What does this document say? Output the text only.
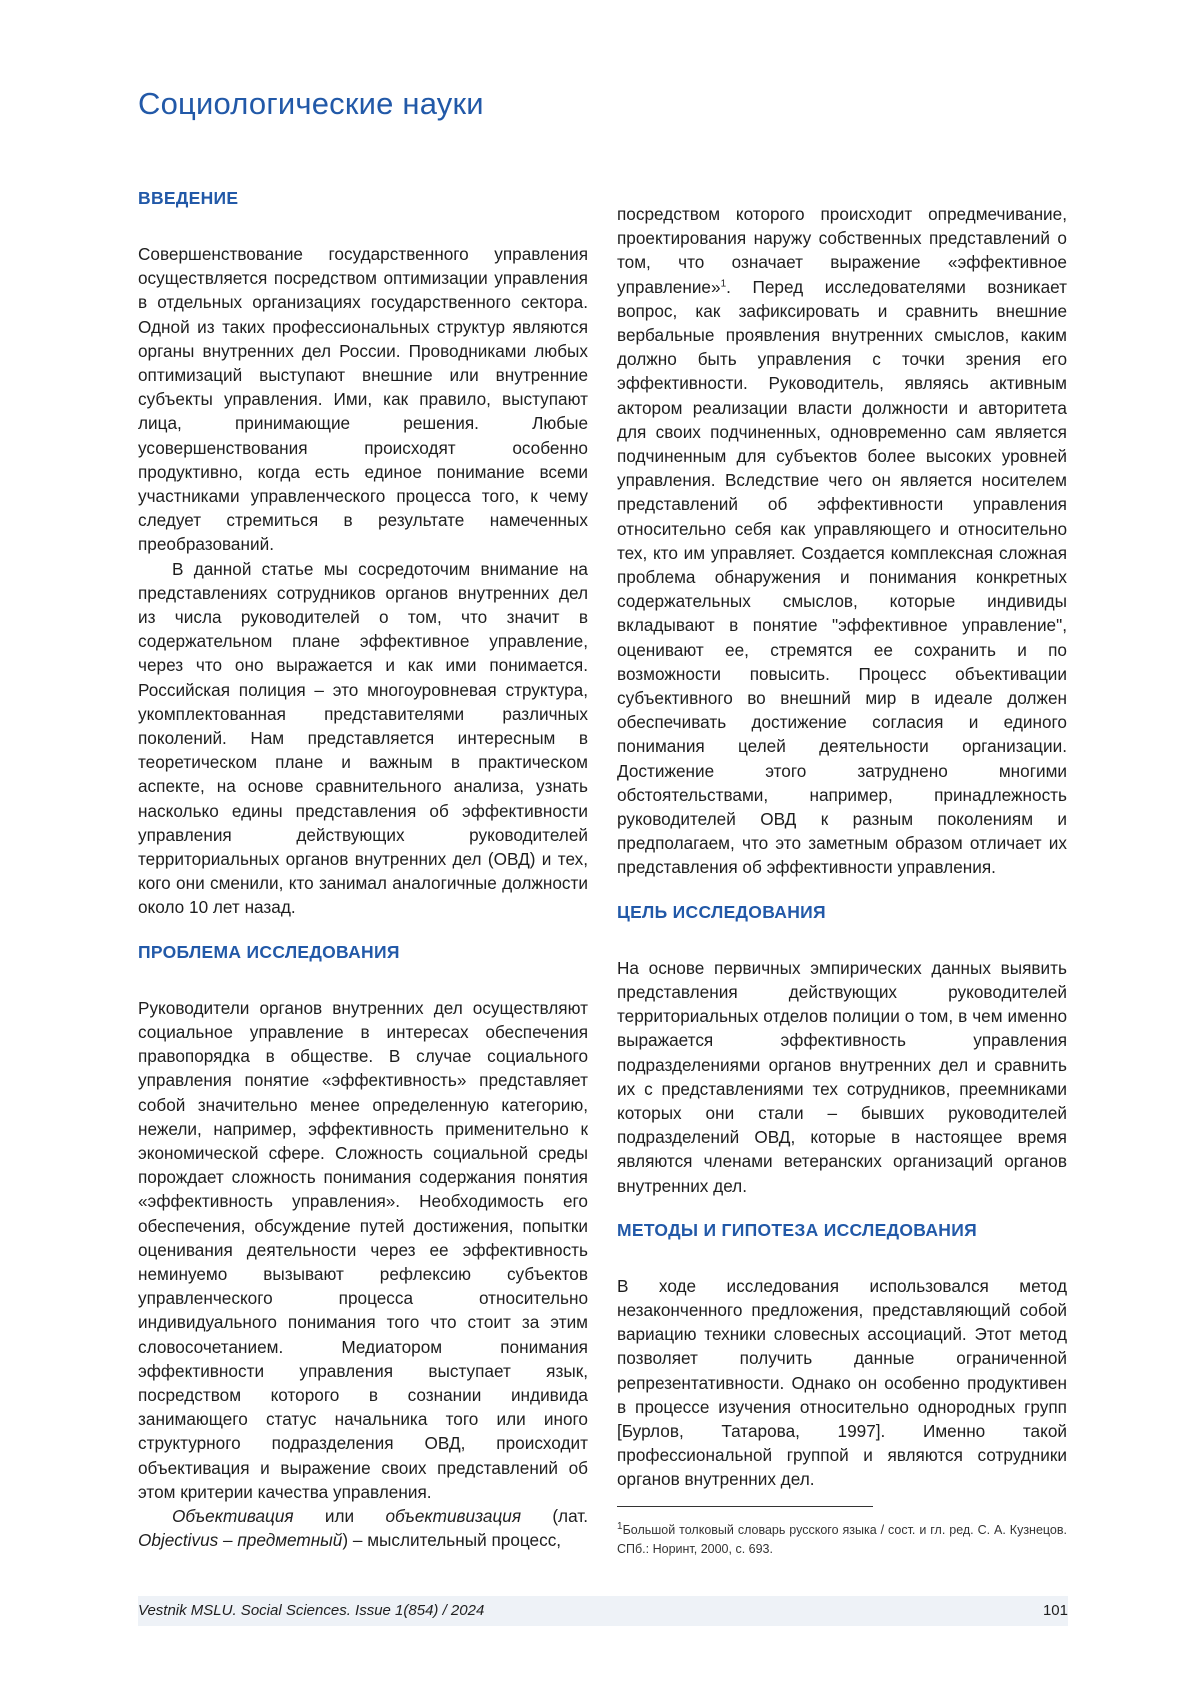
Социологические науки
ВВЕДЕНИЕ

Совершенствование государственного управления осуществляется посредством оптимизации управления в отдельных организациях государственного сектора. Одной из таких профессиональных структур являются органы внутренних дел России. Проводниками любых оптимизаций выступают внешние или внутренние субъекты управления. Ими, как правило, выступают лица, принимающие решения. Любые усовершенствования происходят особенно продуктивно, когда есть единое понимание всеми участниками управленческого процесса того, к чему следует стремиться в результате намеченных преобразований.

В данной статье мы сосредоточим внимание на представлениях сотрудников органов внутренних дел из числа руководителей о том, что значит в содержательном плане эффективное управление, через что оно выражается и как ими понимается. Российская полиция – это многоуровневая структура, укомплектованная представителями различных поколений. Нам представляется интересным в теоретическом плане и важным в практическом аспекте, на основе сравнительного анализа, узнать насколько едины представления об эффективности управления действующих руководителей территориальных органов внутренних дел (ОВД) и тех, кого они сменили, кто занимал аналогичные должности около 10 лет назад.

ПРОБЛЕМА ИССЛЕДОВАНИЯ

Руководители органов внутренних дел осуществляют социальное управление в интересах обеспечения правопорядка в обществе. В случае социального управления понятие «эффективность» представляет собой значительно менее определенную категорию, нежели, например, эффективность применительно к экономической сфере. Сложность социальной среды порождает сложность понимания содержания понятия «эффективность управления». Необходимость его обеспечения, обсуждение путей достижения, попытки оценивания деятельности через ее эффективность неминуемо вызывают рефлексию субъектов управленческого процесса относительно индивидуального понимания того что стоит за этим словосочетанием. Медиатором понимания эффективности управления выступает язык, посредством которого в сознании индивида занимающего статус начальника того или иного структурного подразделения ОВД, происходит объективация и выражение своих представлений об этом критерии качества управления.

Объективация или объективизация (лат. Objectivus – предметный) – мыслительный процесс,

посредством которого происходит опредмечивание, проектирования наружу собственных представлений о том, что означает выражение «эффективное управление»$^1$. Перед исследователями возникает вопрос, как зафиксировать и сравнить внешние вербальные проявления внутренних смыслов, каким должно быть управления с точки зрения его эффективности. Руководитель, являясь активным актором реализации власти должности и авторитета для своих подчиненных, одновременно сам является подчиненным для субъектов более высоких уровней управления. Вследствие чего он является носителем представлений об эффективности управления относительно себя как управляющего и относительно тех, кто им управляет. Создается комплексная сложная проблема обнаружения и понимания конкретных содержательных смыслов, которые индивиды вкладывают в понятие "эффективное управление", оценивают ее, стремятся ее сохранить и по возможности повысить. Процесс объективации субъективного во внешний мир в идеале должен обеспечивать достижение согласия и единого понимания целей деятельности организации. Достижение этого затруднено многими обстоятельствами, например, принадлежность руководителей ОВД к разным поколениям и предполагаем, что это заметным образом отличает их представления об эффективности управления.

ЦЕЛЬ ИССЛЕДОВАНИЯ

На основе первичных эмпирических данных выявить представления действующих руководителей территориальных отделов полиции о том, в чем именно выражается эффективность управления подразделениями органов внутренних дел и сравнить их с представлениями тех сотрудников, преемниками которых они стали – бывших руководителей подразделений ОВД, которые в настоящее время являются членами ветеранских организаций органов внутренних дел.

МЕТОДЫ И ГИПОТЕЗА ИССЛЕДОВАНИЯ

В ходе исследования использовался метод незаконченного предложения, представляющий собой вариацию техники словесных ассоциаций. Этот метод позволяет получить данные ограниченной репрезентативности. Однако он особенно продуктивен в процессе изучения относительно однородных групп [Бурлов, Татарова, 1997]. Именно такой профессиональной группой и являются сотрудники органов внутренних дел.

$^1$Большой толковый словарь русского языка / сост. и гл. ред. С. А. Кузнецов. СПб.: Норинт, 2000, с. 693.

Vestnik MSLU. Social Sciences. Issue 1(854) / 2024	101
